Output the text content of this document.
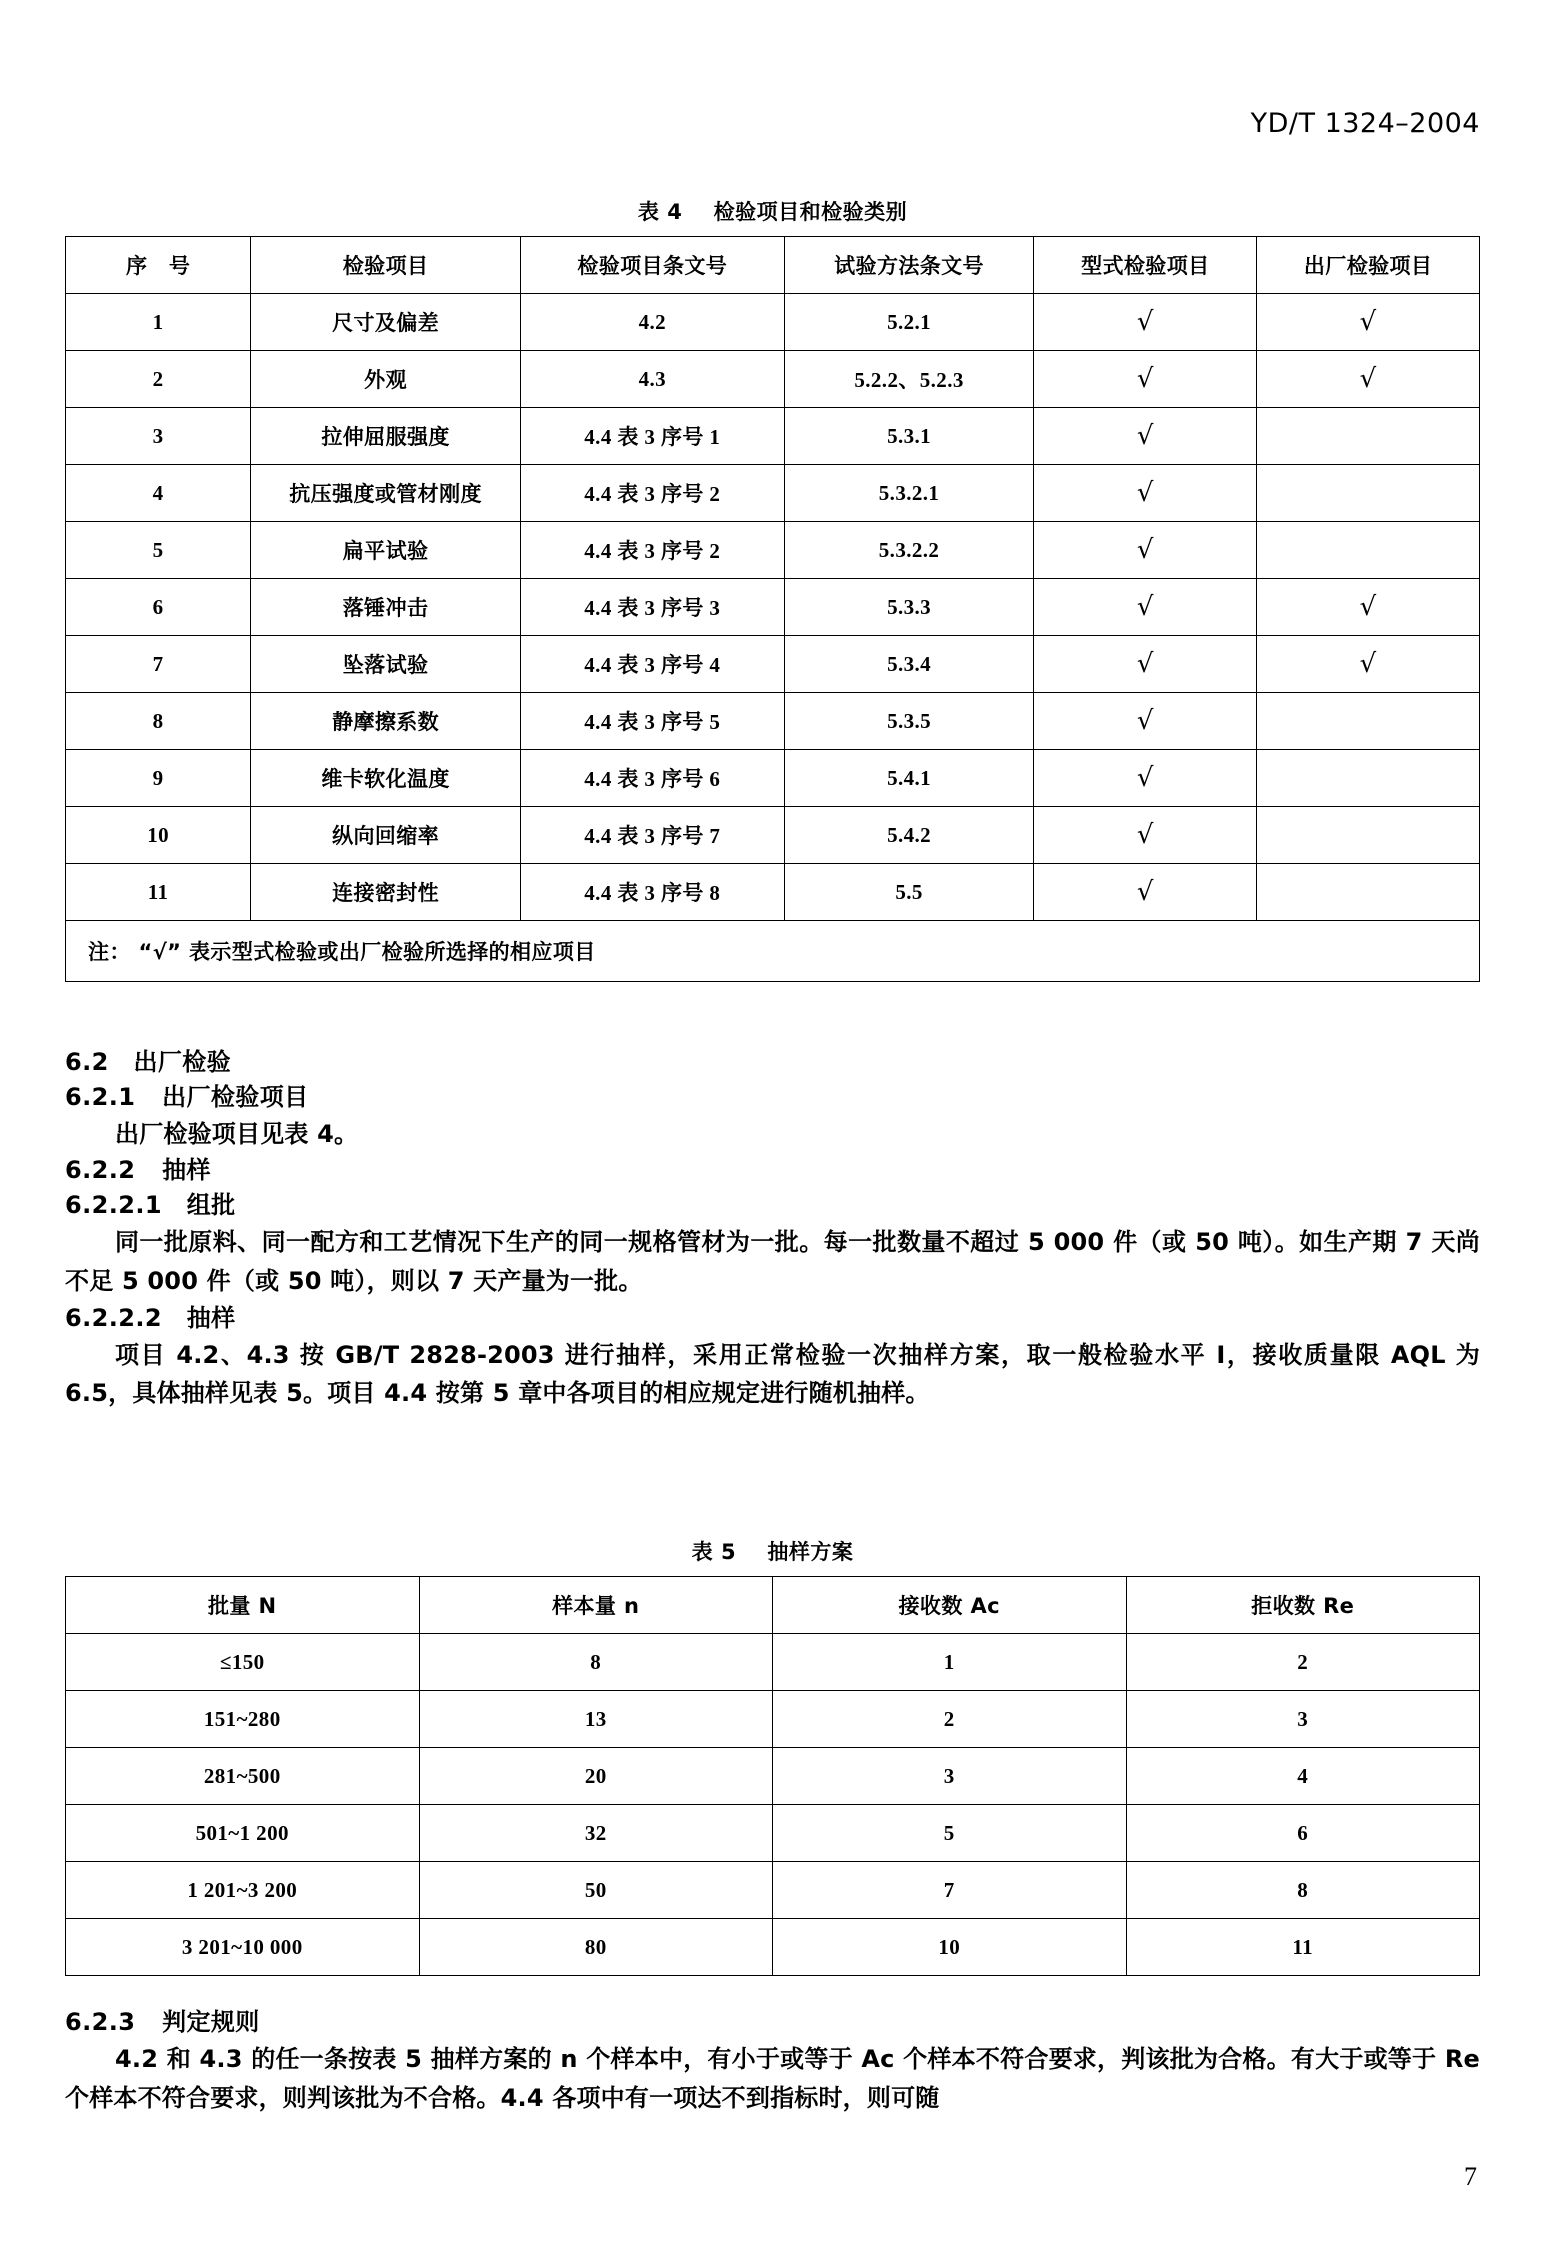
YD/T 1324–2004
表 4 检验项目和检验类别
序　号	检验项目	检验项目条文号	试验方法条文号	型式检验项目	出厂检验项目
1	尺寸及偏差	4.2	5.2.1	√	√
2	外观	4.3	5.2.2、5.2.3	√	√
3	拉伸屈服强度	4.4 表 3 序号 1	5.3.1	√	
4	抗压强度或管材刚度	4.4 表 3 序号 2	5.3.2.1	√	
5	扁平试验	4.4 表 3 序号 2	5.3.2.2	√	
6	落锤冲击	4.4 表 3 序号 3	5.3.3	√	√
7	坠落试验	4.4 表 3 序号 4	5.3.4	√	√
8	静摩擦系数	4.4 表 3 序号 5	5.3.5	√	
9	维卡软化温度	4.4 表 3 序号 6	5.4.1	√	
10	纵向回缩率	4.4 表 3 序号 7	5.4.2	√	
11	连接密封性	4.4 表 3 序号 8	5.5	√	
注： “√” 表示型式检验或出厂检验所选择的相应项目					
6.2 出厂检验
6.2.1 出厂检验项目

出厂检验项目见表 4。

6.2.2 抽样
6.2.2.1 组批

同一批原料、同一配方和工艺情况下生产的同一规格管材为一批。每一批数量不超过 5 000 件（或 50 吨）。如生产期 7 天尚不足 5 000 件（或 50 吨），则以 7 天产量为一批。

6.2.2.2 抽样

项目 4.2、4.3 按 GB/T 2828-2003 进行抽样，采用正常检验一次抽样方案，取一般检验水平 I，接收质量限 AQL 为 6.5，具体抽样见表 5。项目 4.4 按第 5 章中各项目的相应规定进行随机抽样。

表 5 抽样方案
批量 N	样本量 n	接收数 Ac	拒收数 Re
≤150	8	1	2
151~280	13	2	3
281~500	20	3	4
501~1 200	32	5	6
1 201~3 200	50	7	8
3 201~10 000	80	10	11
6.2.3 判定规则

4.2 和 4.3 的任一条按表 5 抽样方案的 n 个样本中，有小于或等于 Ac 个样本不符合要求，判该批为合格。有大于或等于 Re 个样本不符合要求，则判该批为不合格。4.4 各项中有一项达不到指标时，则可随

7
